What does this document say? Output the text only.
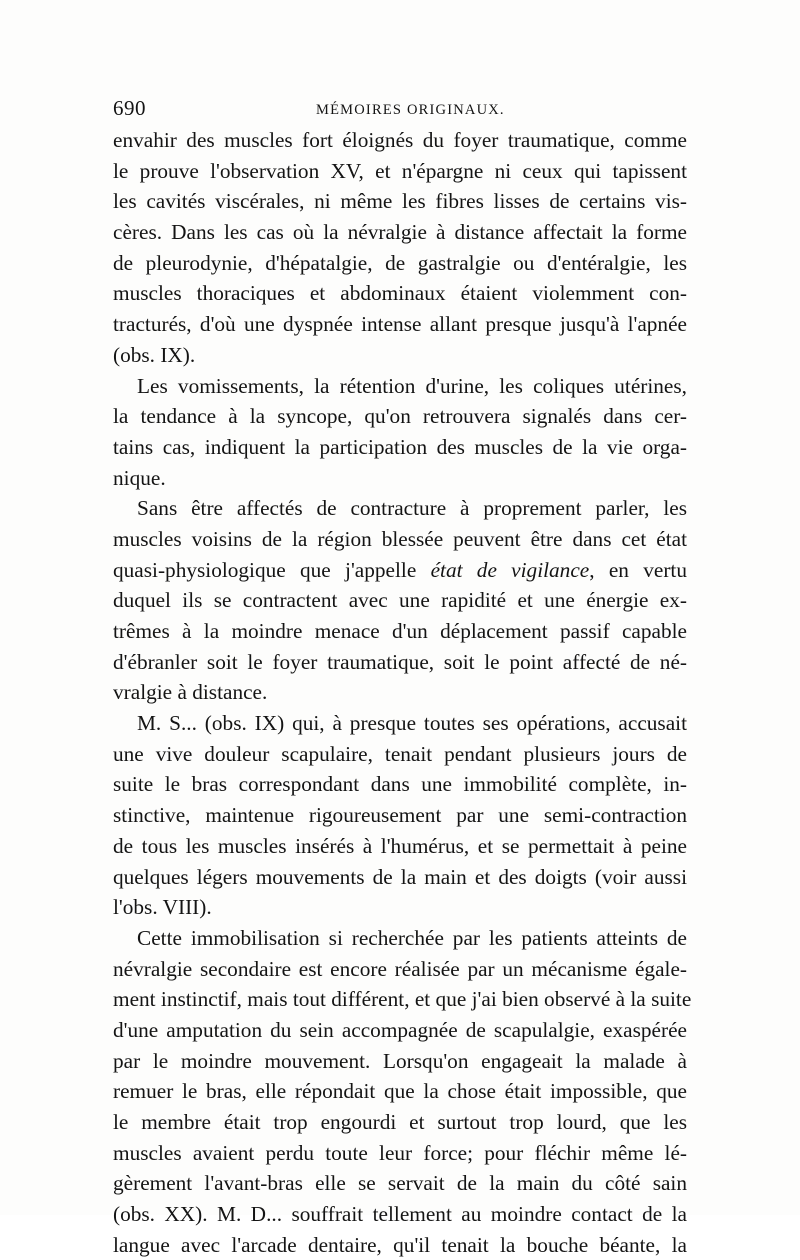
690	MÉMOIRES ORIGINAUX.
envahir des muscles fort éloignés du foyer traumatique, comme
le prouve l'observation XV, et n'épargne ni ceux qui tapissent
les cavités viscérales, ni même les fibres lisses de certains vis-
cères. Dans les cas où la névralgie à distance affectait la forme
de pleurodynie, d'hépatalgie, de gastralgie ou d'entéralgie, les
muscles thoraciques et abdominaux étaient violemment con-
tracturés, d'où une dyspnée intense allant presque jusqu'à l'apnée
(obs. IX).
Les vomissements, la rétention d'urine, les coliques utérines,
la tendance à la syncope, qu'on retrouvera signalés dans cer-
tains cas, indiquent la participation des muscles de la vie orga-
nique.
Sans être affectés de contracture à proprement parler, les
muscles voisins de la région blessée peuvent être dans cet état
quasi-physiologique que j'appelle état de vigilance, en vertu
duquel ils se contractent avec une rapidité et une énergie ex-
trêmes à la moindre menace d'un déplacement passif capable
d'ébranler soit le foyer traumatique, soit le point affecté de né-
vralgie à distance.
M. S... (obs. IX) qui, à presque toutes ses opérations, accusait
une vive douleur scapulaire, tenait pendant plusieurs jours de
suite le bras correspondant dans une immobilité complète, in-
stinctive, maintenue rigoureusement par une semi-contraction
de tous les muscles insérés à l'humérus, et se permettait à peine
quelques légers mouvements de la main et des doigts (voir aussi
l'obs. VIII).
Cette immobilisation si recherchée par les patients atteints de
névralgie secondaire est encore réalisée par un mécanisme égale-
ment instinctif, mais tout différent, et que j'ai bien observé à la suite
d'une amputation du sein accompagnée de scapulalgie, exaspérée
par le moindre mouvement. Lorsqu'on engageait la malade à
remuer le bras, elle répondait que la chose était impossible, que
le membre était trop engourdi et surtout trop lourd, que les
muscles avaient perdu toute leur force; pour fléchir même lé-
gèrement l'avant-bras elle se servait de la main du côté sain
(obs. XX). M. D... souffrait tellement au moindre contact de la
langue avec l'arcade dentaire, qu'il tenait la bouche béante, la
